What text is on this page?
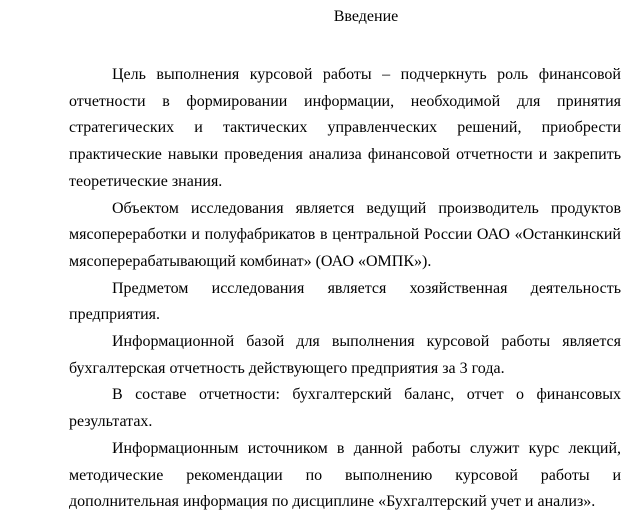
Введение

Цель выполнения курсовой работы – подчеркнуть роль финансовой отчетности в формировании информации, необходимой для принятия стратегических и тактических управленческих решений, приобрести практические навыки проведения анализа финансовой отчетности и закрепить теоретические знания.

Объектом исследования является ведущий производитель продуктов мясопереработки и полуфабрикатов в центральной России ОАО «Останкинский мясоперерабатывающий комбинат» (ОАО «ОМПК»).

Предметом исследования является хозяйственная деятельность предприятия.

Информационной базой для выполнения курсовой работы является бухгалтерская отчетность действующего предприятия за 3 года.

В составе отчетности: бухгалтерский баланс, отчет о финансовых результатах.

Информационным источником в данной работы служит курс лекций, методические рекомендации по выполнению курсовой работы и дополнительная информация по дисциплине «Бухгалтерский учет и анализ».
